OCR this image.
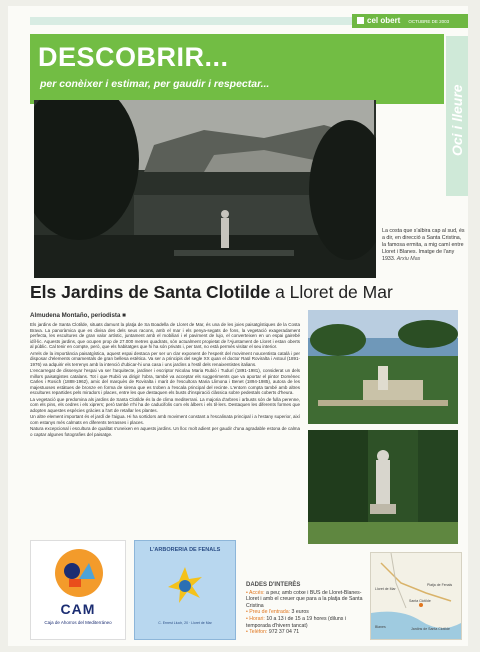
cel obert OCTUBRE DE 2003
Oci i lleure
DESCOBRIR...
per conèixer i estimar, per gaudir i respectar...
La costa que s'albira cap al sud, és a dir, en direcció a Santa Cristina, la famosa ermita, a mig camí entre Lloret i Blanes. Imatge de l'any 1933. Arxiu Mas
Els Jardins de Santa Clotilde a Lloret de Mar
Almudena Montaño, periodista ■

Els jardins de Santa Clotilde, situats damunt la platja de Sa Boadella de Lloret de Mar, és una de les joies paisatgístiques de la Costa Brava. La panoràmica que es divisa des dels seus racons, amb el mar i els penya-segats de fons, la vegetació exageradament perfecta, les escultures de gran valor artístic, juntament amb el mobiliari i el paviment de lujo, el converteixen en un espai gairebé idíl·lic. Aquests jardins, que ocupen prop de 27.000 metres quadrats, són actualment propietat de l'Ajuntament de Lloret i estan oberts al públic. Cal tenir en compte, però, que els habitatges que hi ha són privats i, per tant, no està permès visitar el seu interior.

Arrels de la importància paisatgística, aquest espai destaca per ser un clar exponent de l'esperit del moviment noucentista català i per disposar d'elements ornamentals de gran bellesa estètica. Va ser a principis del segle XX quan el doctor Raül Roviralta i Astoul (1891-1976) va adquirir els terrenys amb la intenció d'ubicar-hi una casa i uns jardins a l'estil dels renaixentistes italians.

L'encarregat de dissenyar l'espai va ser l'arquitecte, jardiner i escriptor Nicolau Maria Rubió i Tudurí (1891-1981), considerat un dels millors paisatgistes catalans. Tot i que Rubió va dirigir l'obra, també va acceptar els suggeriments que va aportar el pintor Domènec Carles i Rosich (1888-1962), amic del marquès de Roviralta i marit de l'escultora Maria Llimona i Benet (1894-1985), autora de les majestuoses estàtues de bronze en forma de sirena que es troben a l'escala principal del recinte. L'entorn compta també amb altres escultures repartides pels miradors i places, entre les que destaquen els busts d'inspiració clàssica sobre pedestals coberts d'heura.

La vegetació que predomina als jardins de Santa Clotilde és la de clima mediterrani. La majoria d'arbres i arbusts són de fulla perenne, com els pins, els cedres i els xiprers; però també n'hi ha de caducifolis com els àlbers i els til·lers. Destaquen les diferents formes que adopten aquestes espècies gràcies a l'art de retallar les plantes.

Un altre element important és el jardí de l'aigua. Hi ha sortidors amb moviment constant a l'escalinata principal i a l'estany superior, així com estanys més calmats en diferents terrasses i places.

Natura excepcional i escultura de qualitat s'uneixen en aquests jardins. Un lloc molt adient per gaudir d'una agradable estona de calma o captar algunes fotografies del paisatge.

CAM
Caja de Ahorros del Mediterráneo
L'ARBORERIA DE FENALS
C. Ernest Lluch, 20 · Lloret de Mar
DADES D'INTERÈS
• Accés: a peu; amb cotxe i BUS de Lloret-Blanes-Lloret i amb el creuer que para a la platja de Santa Cristina
• Preu de l'entrada: 3 euros
• Horari: 10 a 13 i de 15 a 19 hores (diluns i temporada d'hivern tancat)
• Telèfon: 972 37 04 71
Lloret de Mar
Santa Clotilde
Platja de Fenals
Blanes	Jardins de Santa Clotilde
